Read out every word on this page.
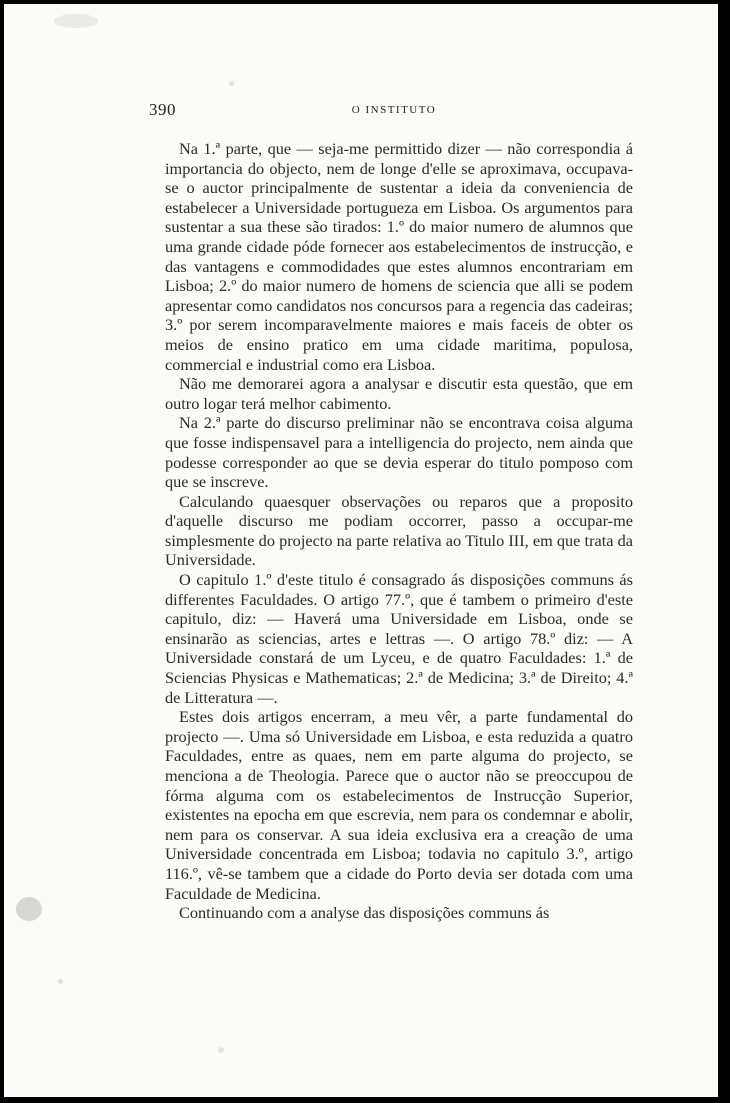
390	O INSTITUTO

Na 1.ª parte, que — seja-me permittido dizer — não correspondia á importancia do objecto, nem de longe d'elle se aproximava, occupava-se o auctor principalmente de sustentar a ideia da conveniencia de estabelecer a Universidade portugueza em Lisboa. Os argumentos para sustentar a sua these são tirados: 1.º do maior numero de alumnos que uma grande cidade póde fornecer aos estabelecimentos de instrucção, e das vantagens e commodidades que estes alumnos encontrariam em Lisboa; 2.º do maior numero de homens de sciencia que alli se podem apresentar como candidatos nos concursos para a regencia das cadeiras; 3.º por serem incomparavelmente maiores e mais faceis de obter os meios de ensino pratico em uma cidade maritima, populosa, commercial e industrial como era Lisboa.

Não me demorarei agora a analysar e discutir esta questão, que em outro logar terá melhor cabimento.

Na 2.ª parte do discurso preliminar não se encontrava coisa alguma que fosse indispensavel para a intelligencia do projecto, nem ainda que podesse corresponder ao que se devia esperar do titulo pomposo com que se inscreve.

Calculando quaesquer observações ou reparos que a proposito d'aquelle discurso me podiam occorrer, passo a occupar-me simplesmente do projecto na parte relativa ao Titulo III, em que trata da Universidade.

O capitulo 1.º d'este titulo é consagrado ás disposições communs ás differentes Faculdades. O artigo 77.º, que é tambem o primeiro d'este capitulo, diz: — Haverá uma Universidade em Lisboa, onde se ensinarão as sciencias, artes e lettras —. O artigo 78.º diz: — A Universidade constará de um Lyceu, e de quatro Faculdades: 1.ª de Sciencias Physicas e Mathematicas; 2.ª de Medicina; 3.ª de Direito; 4.ª de Litteratura —.

Estes dois artigos encerram, a meu vêr, a parte fundamental do projecto —. Uma só Universidade em Lisboa, e esta reduzida a quatro Faculdades, entre as quaes, nem em parte alguma do projecto, se menciona a de Theologia. Parece que o auctor não se preoccupou de fórma alguma com os estabelecimentos de Instrucção Superior, existentes na epocha em que escrevia, nem para os condemnar e abolir, nem para os conservar. A sua ideia exclusiva era a creação de uma Universidade concentrada em Lisboa; todavia no capitulo 3.º, artigo 116.º, vê-se tambem que a cidade do Porto devia ser dotada com uma Faculdade de Medicina.

Continuando com a analyse das disposições communs ás
